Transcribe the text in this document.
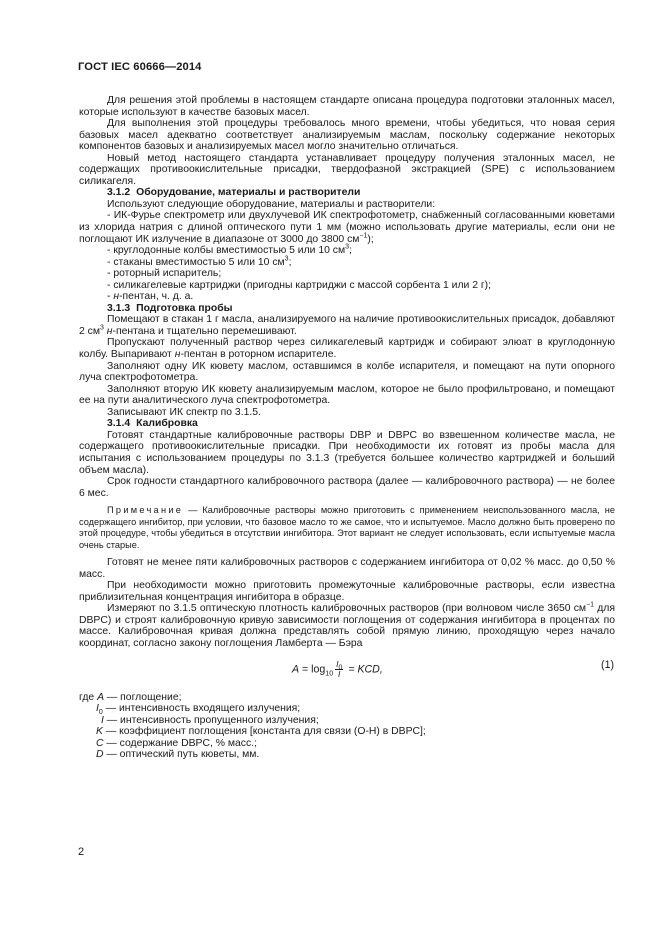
ГОСТ IEC 60666—2014

Для решения этой проблемы в настоящем стандарте описана процедура подготовки эталонных масел, которые используют в качестве базовых масел.

Для выполнения этой процедуры требовалось много времени, чтобы убедиться, что новая серия базовых масел адекватно соответствует анализируемым маслам, поскольку содержание некоторых компонентов базовых и анализируемых масел могло значительно отличаться.

Новый метод настоящего стандарта устанавливает процедуру получения эталонных масел, не содержащих противоокислительные присадки, твердофазной экстракцией (SPE) с использованием силикагеля.

3.1.2 Оборудование, материалы и растворители

Используют следующие оборудование, материалы и растворители:

- ИК-Фурье спектрометр или двухлучевой ИК спектрофотометр, снабженный согласованными кюветами из хлорида натрия с длиной оптического пути 1 мм (можно использовать другие материалы, если они не поглощают ИК излучение в диапазоне от 3000 до 3800 $см^{-1}$);

- круглодонные колбы вместимостью 5 или 10 $см^3$;

- стаканы вместимостью 5 или 10 $см^3$;

- роторный испаритель;

- силикагелевые картриджи (пригодны картриджи с массой сорбента 1 или 2 г);

- н-пентан, ч. д. а.

3.1.3 Подготовка пробы

Помещают в стакан 1 г масла, анализируемого на наличие противоокислительных присадок, добавляют 2 $см^3$ н-пентана и тщательно перемешивают.

Пропускают полученный раствор через силикагелевый картридж и собирают элюат в круглодонную колбу. Выпаривают н-пентан в роторном испарителе.

Заполняют одну ИК кювету маслом, оставшимся в колбе испарителя, и помещают на пути опорного луча спектрофотометра.

Заполняют вторую ИК кювету анализируемым маслом, которое не было профильтровано, и помещают ее на пути аналитического луча спектрофотометра.

Записывают ИК спектр по 3.1.5.

3.1.4 Калибровка

Готовят стандартные калибровочные растворы DBP и DBPC во взвешенном количестве масла, не содержащего противоокислительные присадки. При необходимости их готовят из пробы масла для испытания с использованием процедуры по 3.1.3 (требуется большее количество картриджей и больший объем масла).

Срок годности стандартного калибровочного раствора (далее — калибровочного раствора) — не более 6 мес.

Примечание — Калибровочные растворы можно приготовить с применением неиспользованного масла, не содержащего ингибитор, при условии, что базовое масло то же самое, что и испытуемое. Масло должно быть проверено по этой процедуре, чтобы убедиться в отсутствии ингибитора. Этот вариант не следует использовать, если испытуемые масла очень старые.

Готовят не менее пяти калибровочных растворов с содержанием ингибитора от 0,02 % масс. до 0,50 % масс.

При необходимости можно приготовить промежуточные калибровочные растворы, если известна приблизительная концентрация ингибитора в образце.

Измеряют по 3.1.5 оптическую плотность калибровочных растворов (при волновом числе 3650 $см^{-1}$ для DBPC) и строят калибровочную кривую зависимости поглощения от содержания ингибитора в процентах по массе. Калибровочная кривая должна представлять собой прямую линию, проходящую через начало координат, согласно закону поглощения Ламберта — Бэра

$A = \log_{10} \frac{I_0}{I}$ = KCD,	(1)

где A — поглощение;

$I_0$ — интенсивность входящего излучения;

I — интенсивность пропущенного излучения;

K — коэффициент поглощения [константа для связи (О-Н) в DBPC];

C — содержание DBPC, % масс.;

D — оптический путь кюветы, мм.

2
